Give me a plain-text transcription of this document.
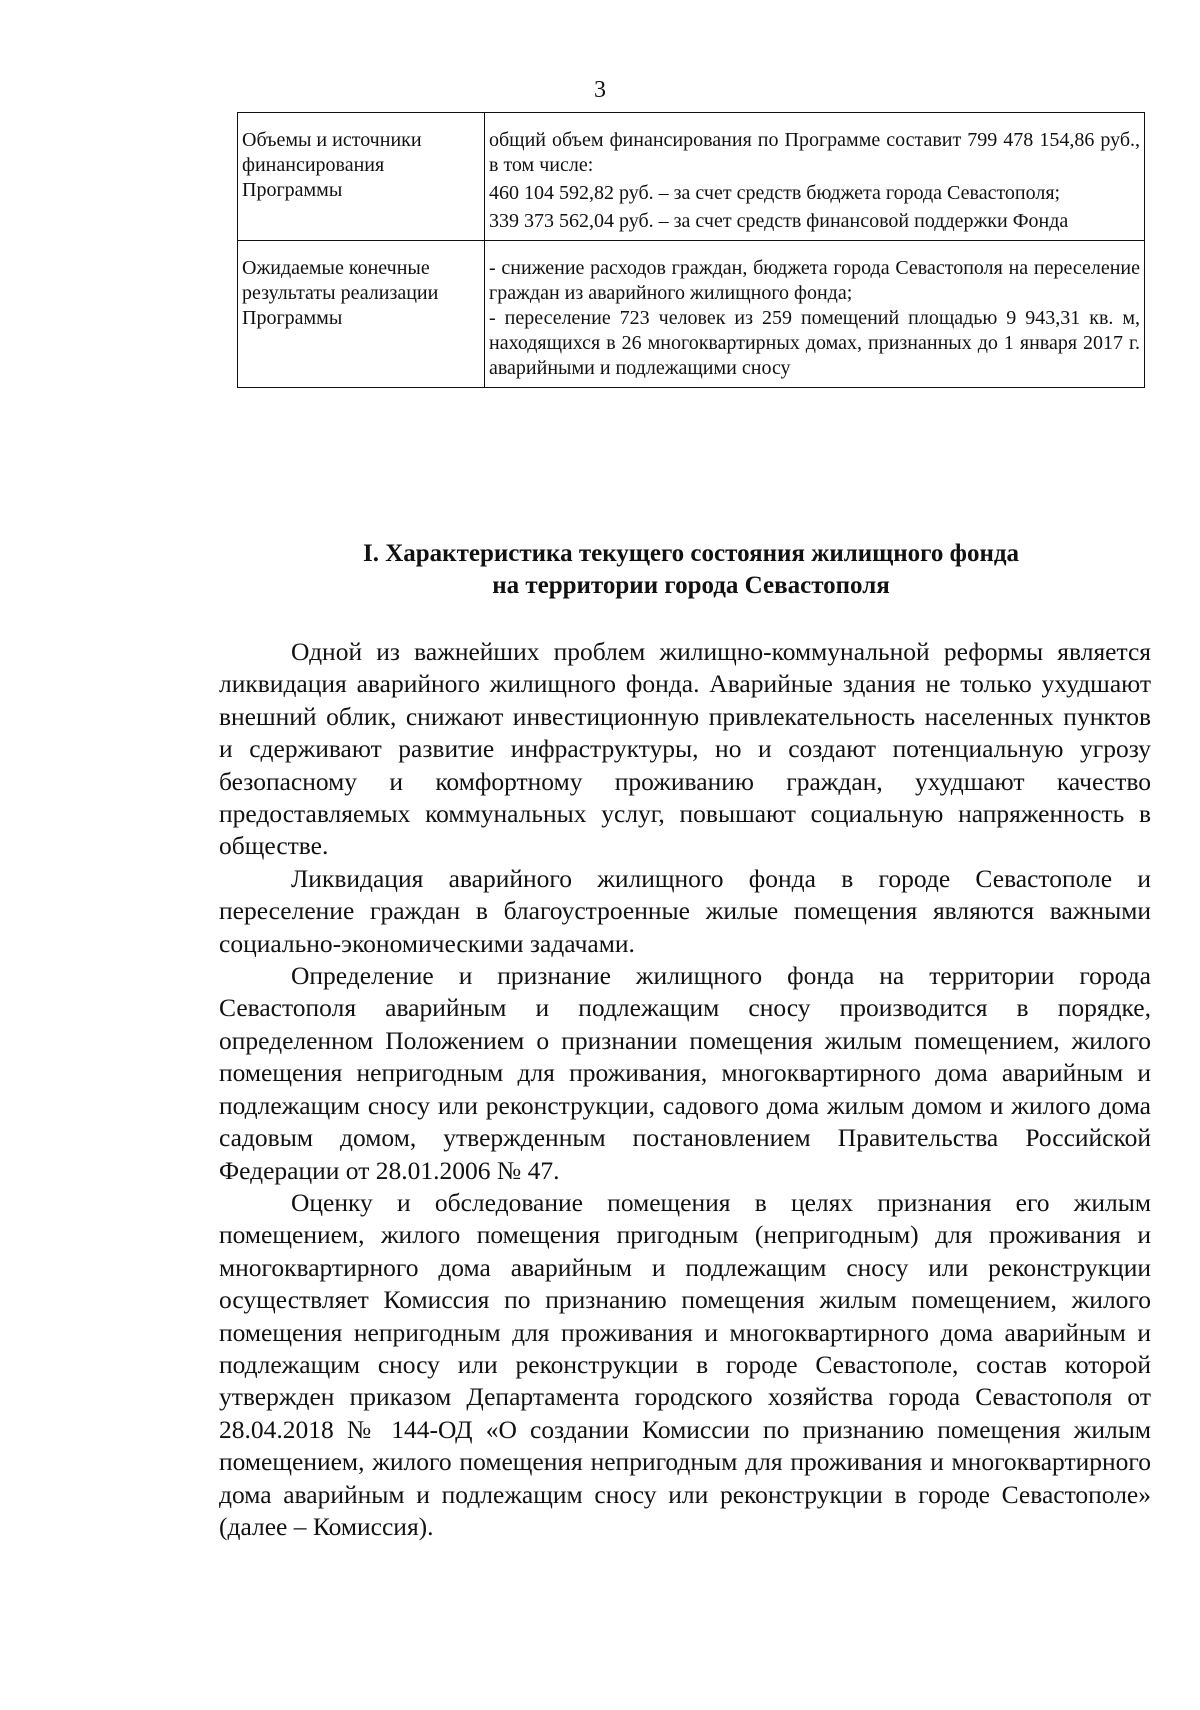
3
Объемы и источники финансирования Программы	общий объем финансирования по Программе составит 799 478 154,86 руб., в том числе:

460 104 592,82 руб. – за счет средств бюджета города Севастополя;

339 373 562,04 руб. – за счет средств финансовой поддержки Фонда

Ожидаемые конечные результаты реализации Программы	- снижение расходов граждан, бюджета города Севастополя на переселение граждан из аварийного жилищного фонда;

- переселение 723 человек из 259 помещений площадью 9 943,31 кв. м, находящихся в 26 многоквартирных домах, признанных до 1 января 2017 г. аварийными и подлежащими сносу

I. Характеристика текущего состояния жилищного фонда
на территории города Севастополя

Одной из важнейших проблем жилищно-коммунальной реформы является ликвидация аварийного жилищного фонда. Аварийные здания не только ухудшают внешний облик, снижают инвестиционную привлекательность населенных пунктов и сдерживают развитие инфраструктуры, но и создают потенциальную угрозу безопасному и комфортному проживанию граждан, ухудшают качество предоставляемых коммунальных услуг, повышают социальную напряженность в обществе.

Ликвидация аварийного жилищного фонда в городе Севастополе и переселение граждан в благоустроенные жилые помещения являются важными социально-экономическими задачами.

Определение и признание жилищного фонда на территории города Севастополя аварийным и подлежащим сносу производится в порядке, определенном Положением о признании помещения жилым помещением, жилого помещения непригодным для проживания, многоквартирного дома аварийным и подлежащим сносу или реконструкции, садового дома жилым домом и жилого дома садовым домом, утвержденным постановлением Правительства Российской Федерации от 28.01.2006 № 47.

Оценку и обследование помещения в целях признания его жилым помещением, жилого помещения пригодным (непригодным) для проживания и многоквартирного дома аварийным и подлежащим сносу или реконструкции осуществляет Комиссия по признанию помещения жилым помещением, жилого помещения непригодным для проживания и многоквартирного дома аварийным и подлежащим сносу или реконструкции в городе Севастополе, состав которой утвержден приказом Департамента городского хозяйства города Севастополя от 28.04.2018 № 144-ОД «О создании Комиссии по признанию помещения жилым помещением, жилого помещения непригодным для проживания и многоквартирного дома аварийным и подлежащим сносу или реконструкции в городе Севастополе» (далее – Комиссия).
